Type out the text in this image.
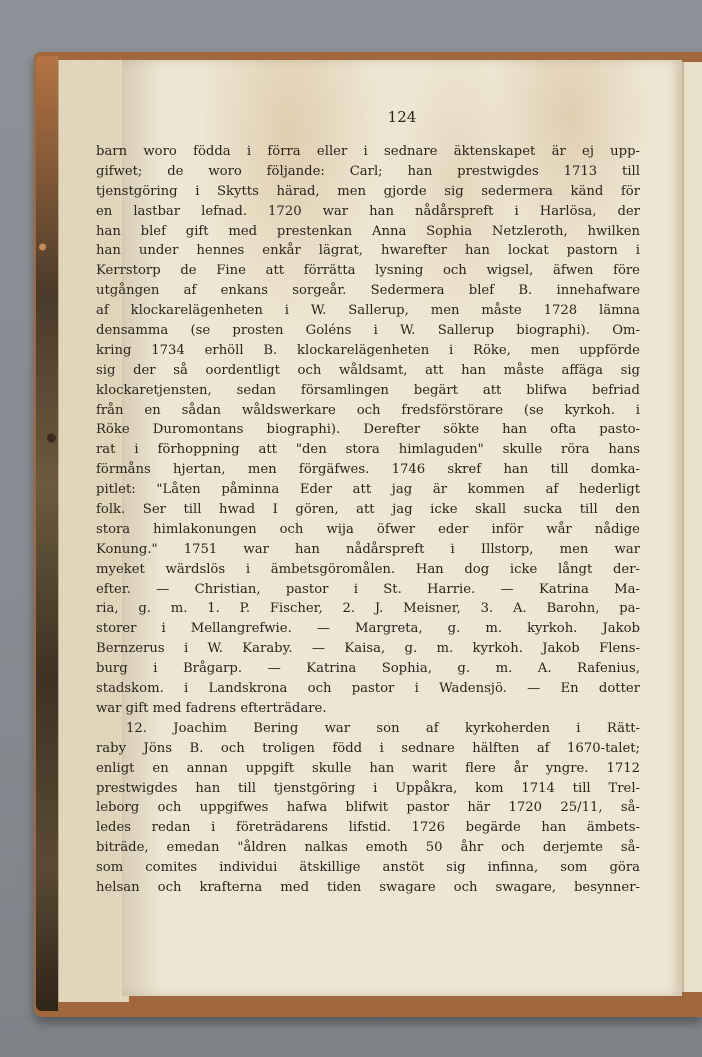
124

barn woro födda i förra eller i sednare äktenskapet är ej upp-
gifwet; de woro följande: Carl; han prestwigdes 1713 till
tjenstgöring i Skytts härad, men gjorde sig sedermera känd för
en lastbar lefnad. 1720 war han nådårspreft i Harlösa, der
han blef gift med prestenkan Anna Sophia Netzleroth, hwilken
han under hennes enkår lägrat, hwarefter han lockat pastorn i
Kerrstorp de Fine att förrätta lysning och wigsel, äfwen före
utgången af enkans sorgeår. Sedermera blef B. innehafware
af klockarelägenheten i W. Sallerup, men måste 1728 lämna
densamma (se prosten Goléns i W. Sallerup biographi). Om-
kring 1734 erhöll B. klockarelägenheten i Röke, men uppförde
sig der så oordentligt och wåldsamt, att han måste affäga sig
klockaretjensten, sedan församlingen begärt att blifwa befriad
från en sådan wåldswerkare och fredsförstörare (se kyrkoh. i
Röke Duromontans biographi). Derefter sökte han ofta pasto-
rat i förhoppning att "den stora himlaguden" skulle röra hans
förmåns hjertan, men förgäfwes. 1746 skref han till domka-
pitlet: "Låten påminna Eder att jag är kommen af hederligt
folk. Ser till hwad I gören, att jag icke skall sucka till den
stora himlakonungen och wija öfwer eder inför wår nådige
Konung." 1751 war han nådårspreft i Illstorp, men war
myeket wärdslös i ämbetsgöromålen. Han dog icke långt der-
efter. — Christian, pastor i St. Harrie. — Katrina Ma-
ria, g. m. 1. P. Fischer, 2. J. Meisner, 3. A. Barohn, pa-
storer i Mellangrefwie. — Margreta, g. m. kyrkoh. Jakob
Bernzerus i W. Karaby. — Kaisa, g. m. kyrkoh. Jakob Flens-
burg i Brågarp. — Katrina Sophia, g. m. A. Rafenius,
stadskom. i Landskrona och pastor i Wadensjö. — En dotter
war gift med fadrens efterträdare.
12. Joachim Bering war son af kyrkoherden i Rätt-
raby Jöns B. och troligen född i sednare hälften af 1670-talet;
enligt en annan uppgift skulle han warit flere år yngre. 1712
prestwigdes han till tjenstgöring i Uppåkra, kom 1714 till Trel-
leborg och uppgifwes hafwa blifwit pastor här 1720 25/11, så-
ledes redan i företrädarens lifstid. 1726 begärde han ämbets-
biträde, emedan "åldren nalkas emoth 50 åhr och derjemte så-
som comites individui ätskillige anstöt sig infinna, som göra
helsan och krafterna med tiden swagare och swagare, besynner-
